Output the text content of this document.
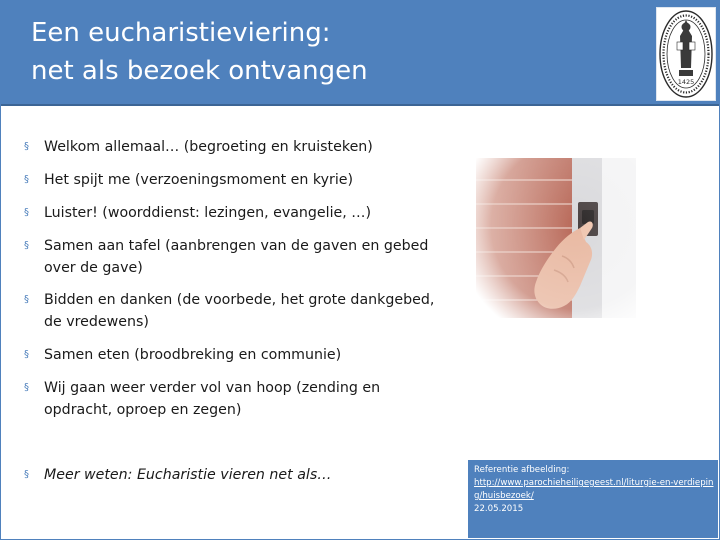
Een eucharistieviering:
net als bezoek ontvangen	1425
§ Welkom allemaal… (begroeting en kruisteken)
§ Het spijt me (verzoeningsmoment en kyrie)
§ Luister! (woorddienst: lezingen, evangelie, …)
§ Samen aan tafel (aanbrengen van de gaven en gebed
over de gave)
§ Bidden en danken (de voorbede, het grote dankgebed,
de vredewens)
§ Samen eten (broodbreking en communie)
§ Wij gaan weer verder vol van hoop (zending en
opdracht, oproep en zegen)
§ Meer weten: Eucharistie vieren net als…	Referentie afbeelding:
http://www.parochieheiligegeest.nl/liturgie-en-verdieping/huisbezoek/
22.05.2015
